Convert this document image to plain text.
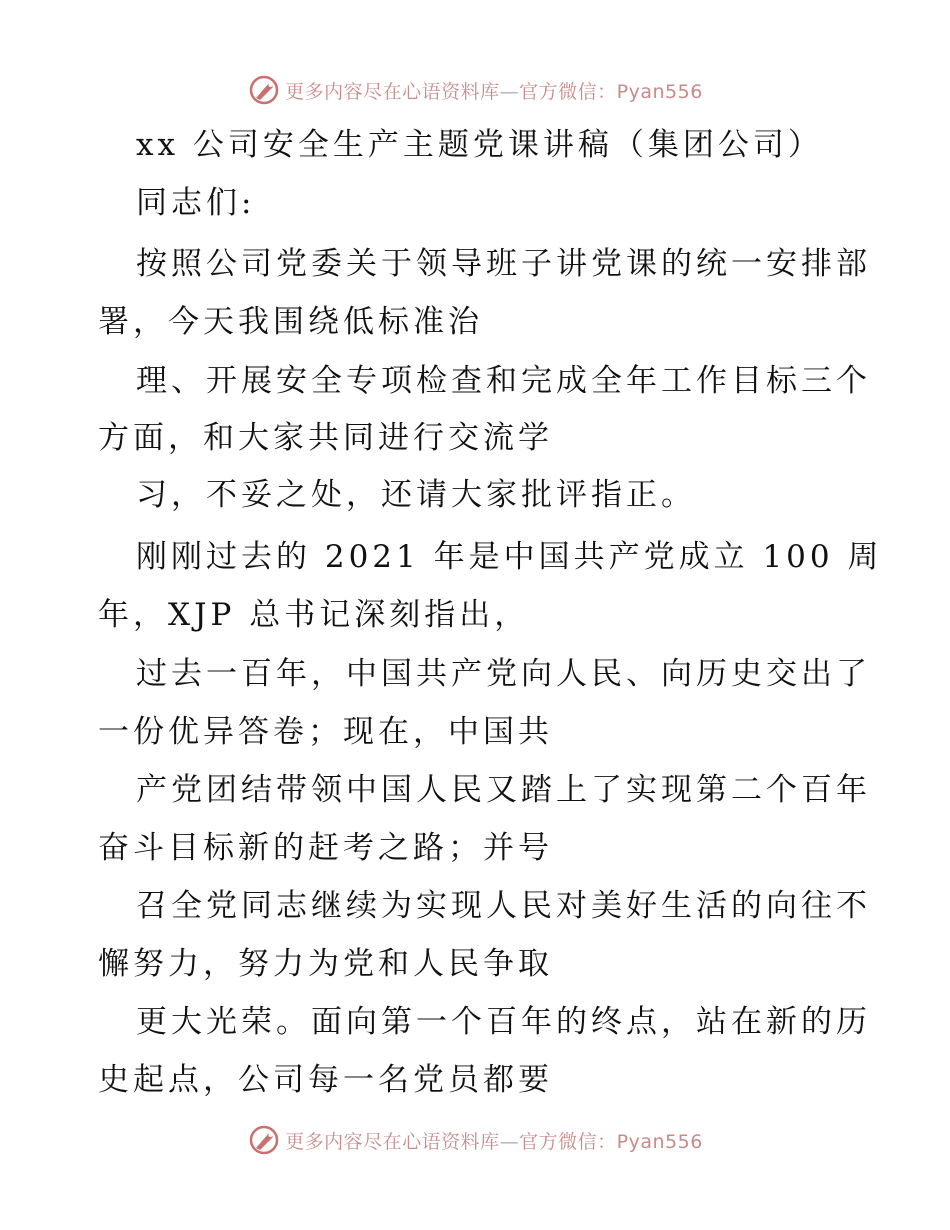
更多内容尽在心语资料库—官方微信：Pyan556
xx 公司安全生产主题党课讲稿（集团公司）
同志们:
按照公司党委关于领导班子讲党课的统一安排部
署，今天我围绕低标准治
理、开展安全专项检查和完成全年工作目标三个
方面，和大家共同进行交流学
习，不妥之处，还请大家批评指正。
刚刚过去的 2021 年是中国共产党成立 100 周
年，XJP 总书记深刻指出，
过去一百年，中国共产党向人民、向历史交出了
一份优异答卷；现在，中国共
产党团结带领中国人民又踏上了实现第二个百年
奋斗目标新的赶考之路；并号
召全党同志继续为实现人民对美好生活的向往不
懈努力，努力为党和人民争取
更大光荣。面向第一个百年的终点，站在新的历
史起点，公司每一名党员都要
更多内容尽在心语资料库—官方微信：Pyan556
